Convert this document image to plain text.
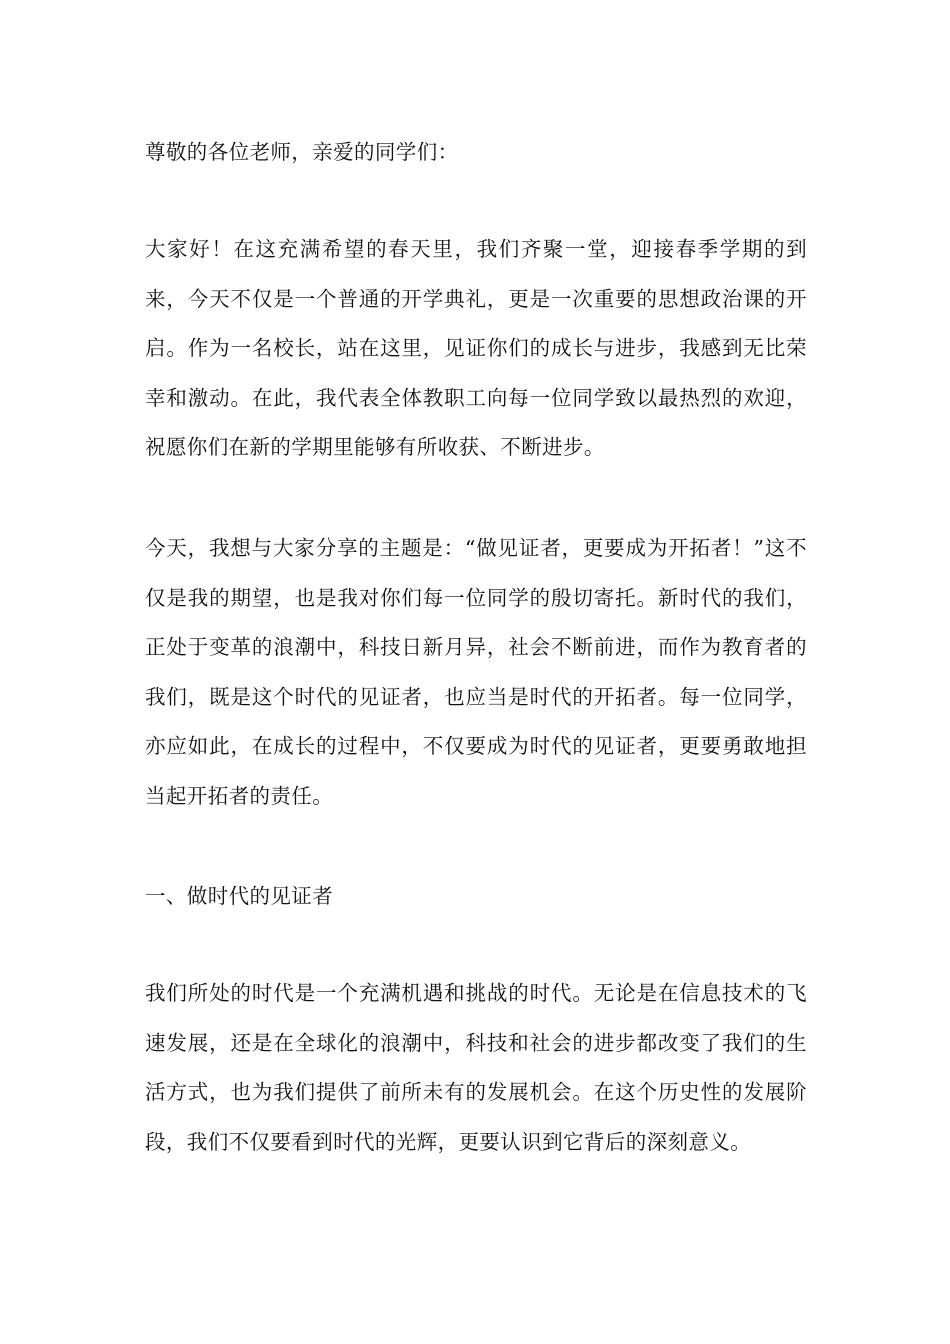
尊敬的各位老师，亲爱的同学们：

大家好！在这充满希望的春天里，我们齐聚一堂，迎接春季学期的到来，今天不仅是一个普通的开学典礼，更是一次重要的思想政治课的开启。作为一名校长，站在这里，见证你们的成长与进步，我感到无比荣幸和激动。在此，我代表全体教职工向每一位同学致以最热烈的欢迎，祝愿你们在新的学期里能够有所收获、不断进步。

今天，我想与大家分享的主题是：“做见证者，更要成为开拓者！”这不仅是我的期望，也是我对你们每一位同学的殷切寄托。新时代的我们，正处于变革的浪潮中，科技日新月异，社会不断前进，而作为教育者的我们，既是这个时代的见证者，也应当是时代的开拓者。每一位同学，亦应如此，在成长的过程中，不仅要成为时代的见证者，更要勇敢地担当起开拓者的责任。

一、做时代的见证者

我们所处的时代是一个充满机遇和挑战的时代。无论是在信息技术的飞速发展，还是在全球化的浪潮中，科技和社会的进步都改变了我们的生活方式，也为我们提供了前所未有的发展机会。在这个历史性的发展阶段，我们不仅要看到时代的光辉，更要认识到它背后的深刻意义。
